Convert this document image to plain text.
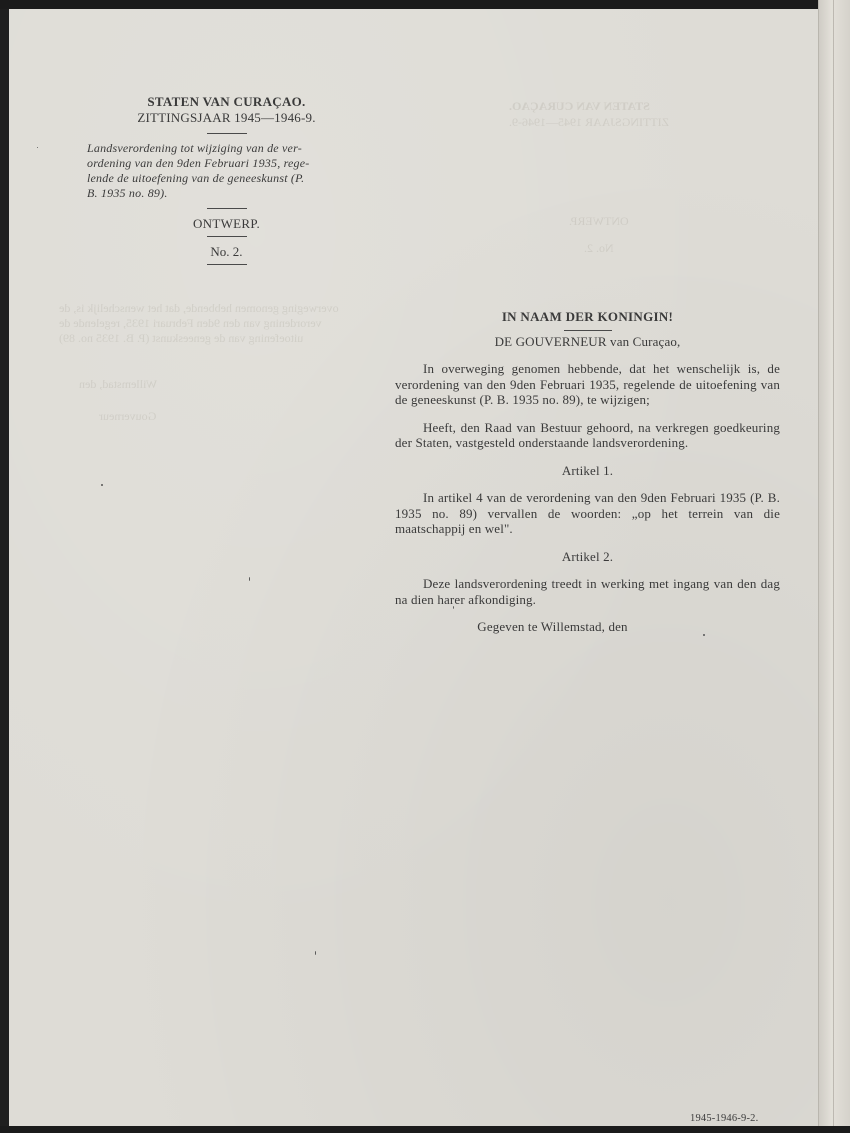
STATEN VAN CURAÇAO.
ZITTINGSJAAR 1945—1946-9.
ONTWERP.
No. 2.
overweging genomen hebbende, dat het wenschelijk is, de
verordening van den 9den Februari 1935, regelende de
uitoefening van de geneeskunst (P. B. 1935 no. 89)
Willemstad, den
Gouverneur
STATEN VAN CURAÇAO.
ZITTINGSJAAR 1945—1946-9.
Landsverordening tot wijziging van de ver-
ordening van den 9den Februari 1935, rege-
lende de uitoefening van de geneeskunst (P.
B. 1935 no. 89).
ONTWERP.
No. 2.
IN NAAM DER KONINGIN!
DE GOUVERNEUR van Curaçao,

In overweging genomen hebbende, dat het wenschelijk is, de verordening van den 9den Februari 1935, regelende de uitoefening van de geneeskunst (P. B. 1935 no. 89), te wijzigen;

Heeft, den Raad van Bestuur gehoord, na verkregen goedkeuring der Staten, vastgesteld onderstaande landsverordening.

Artikel 1.

In artikel 4 van de verordening van den 9den Februari 1935 (P. B. 1935 no. 89) vervallen de woorden: „op het terrein van die maatschappij en wel".

Artikel 2.

Deze landsverordening treedt in werking met ingang van den dag na dien harer afkondiging.

Gegeven te Willemstad, den
1945-1946-9-2.
